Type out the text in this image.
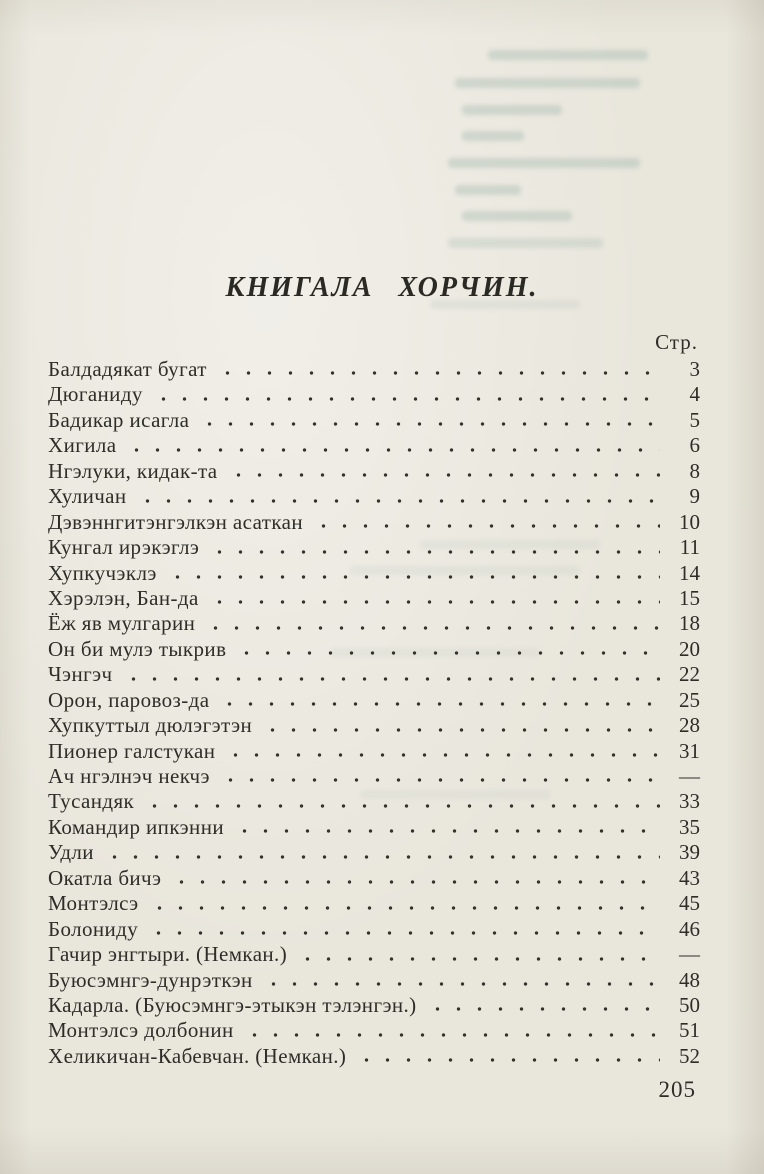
КНИГАЛА ХОРЧИН.
Стр.
Балдадякат бугат	3
Дюганиду	4
Бадикар исагла	5
Хигила	6
Нгэлуки, кидак-та	8
Хуличан	9
Дэвэннгитэнгэлкэн асаткан	10
Кунгал ирэкэглэ	11
Хупкучэклэ	14
Хэрэлэн, Бан-да	15
Ёж яв мулгарин	18
Он би мулэ тыкрив	20
Чэнгэч	22
Орон, паровоз-да	25
Хупкуттыл дюлэгэтэн	28
Пионер галстукан	31
Ач нгэлнэч некчэ	—
Тусандяк	33
Командир ипкэнни	35
Удли	39
Окатла бичэ	43
Монтэлсэ	45
Болониду	46
Гачир энгтыри. (Немкан.)	—
Буюсэмнгэ-дунрэткэн	48
Кадарла. (Буюсэмнгэ-этыкэн тэлэнгэн.)	50
Монтэлсэ долбонин	51
Хеликичан-Кабевчан. (Немкан.)	52
205
